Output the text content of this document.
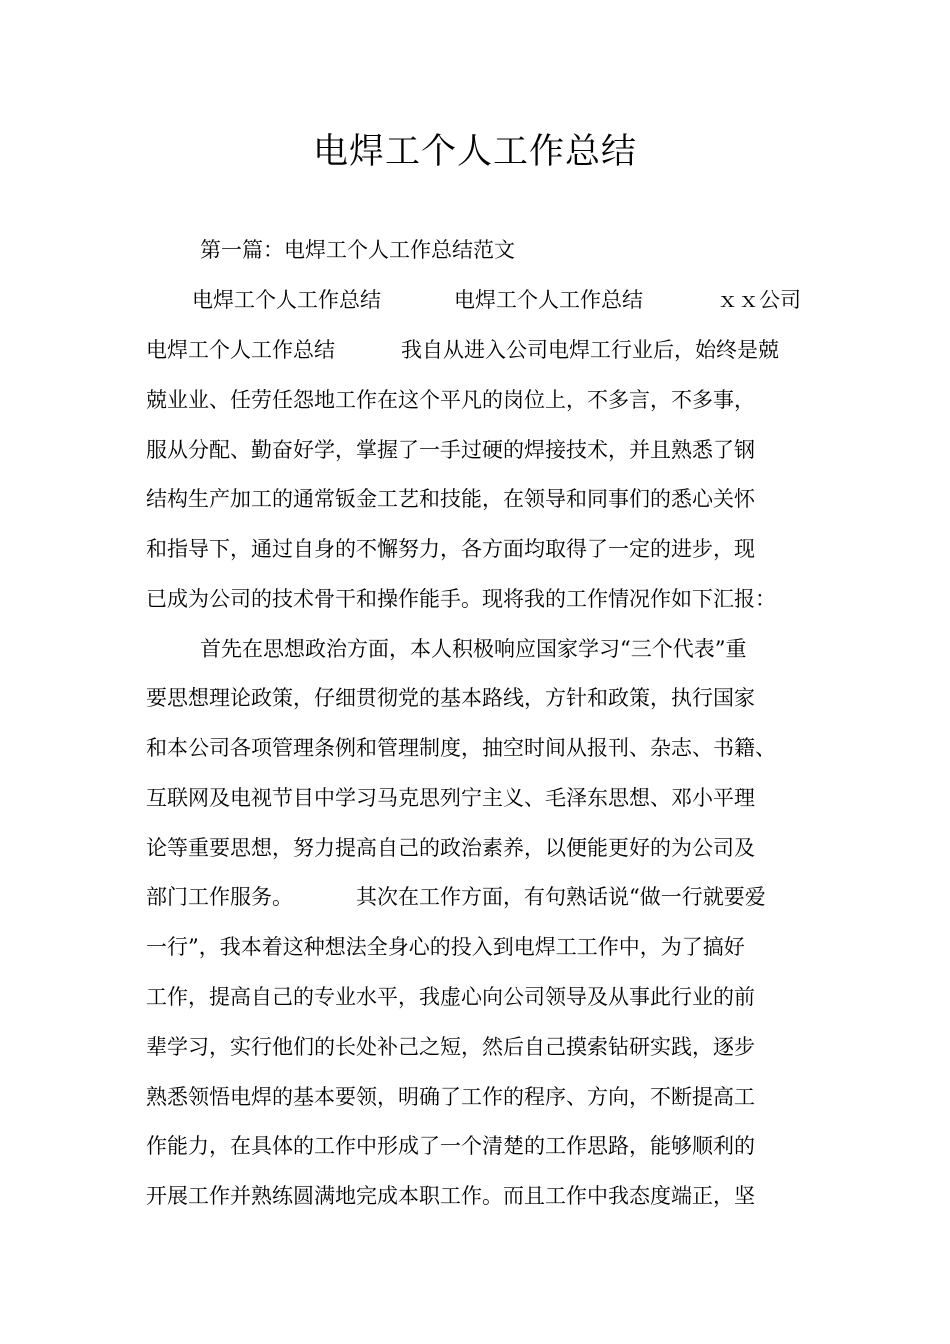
电焊工个人工作总结

第一篇：电焊工个人工作总结范文

电焊工个人工作总结

	电焊工个人工作总结

	ｘｘ公司

电焊工个人工作总结

	我自从进入公司电焊工行业后，始终是兢

兢业业、任劳任怨地工作在这个平凡的岗位上，不多言，不多事，

服从分配、勤奋好学，掌握了一手过硬的焊接技术，并且熟悉了钢

结构生产加工的通常钣金工艺和技能，在领导和同事们的悉心关怀

和指导下，通过自身的不懈努力，各方面均取得了一定的进步，现

已成为公司的技术骨干和操作能手。现将我的工作情况作如下汇报：

首先在思想政治方面，本人积极响应国家学习“三个代表”重

要思想理论政策，仔细贯彻党的基本路线，方针和政策，执行国家

和本公司各项管理条例和管理制度，抽空时间从报刊、杂志、书籍、

互联网及电视节目中学习马克思列宁主义、毛泽东思想、邓小平理

论等重要思想，努力提高自己的政治素养，以便能更好的为公司及

部门工作服务。

	其次在工作方面，有句熟话说“做一行就要爱

一行”，我本着这种想法全身心的投入到电焊工工作中，为了搞好

工作，提高自己的专业水平，我虚心向公司领导及从事此行业的前

辈学习，实行他们的长处补己之短，然后自己摸索钻研实践，逐步

熟悉领悟电焊的基本要领，明确了工作的程序、方向，不断提高工

作能力，在具体的工作中形成了一个清楚的工作思路，能够顺利的

开展工作并熟练圆满地完成本职工作。而且工作中我态度端正，坚
